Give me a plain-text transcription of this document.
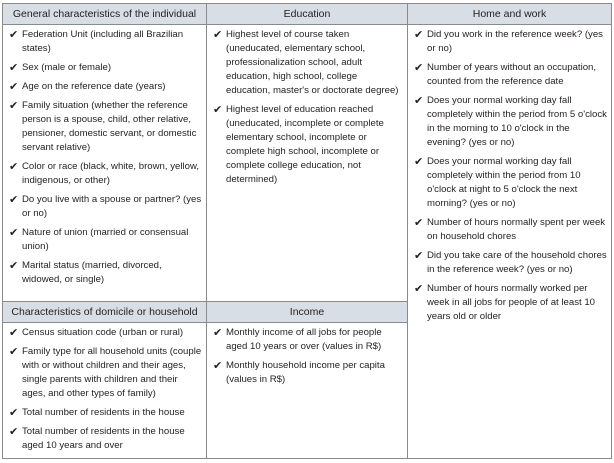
General characteristics of the individual
✔ Federation Unit (including all Brazilian states)
✔ Sex (male or female)
✔ Age on the reference date (years)
✔ Family situation (whether the reference person is a spouse, child, other relative, pensioner, domestic servant, or domestic servant relative)
✔ Color or race (black, white, brown, yellow, indigenous, or other)
✔ Do you live with a spouse or partner? (yes or no)
✔ Nature of union (married or consensual union)
✔ Marital status (married, divorced, widowed, or single)
Education
✔ Highest level of course taken (uneducated, elementary school, professionalization school, adult education, high school, college education, master's or doctorate degree)
✔ Highest level of education reached (uneducated, incomplete or complete elementary school, incomplete or complete high school, incomplete or complete college education, not determined)
Home and work
✔ Did you work in the reference week? (yes or no)
✔ Number of years without an occupation, counted from the reference date
✔ Does your normal working day fall completely within the period from 5 o'clock in the morning to 10 o'clock in the evening? (yes or no)
✔ Does your normal working day fall completely within the period from 10 o'clock at night to 5 o'clock the next morning? (yes or no)
✔ Number of hours normally spent per week on household chores
✔ Did you take care of the household chores in the reference week? (yes or no)
✔ Number of hours normally worked per week in all jobs for people of at least 10 years old or older
Characteristics of domicile or household
✔ Census situation code (urban or rural)
✔ Family type for all household units (couple with or without children and their ages, single parents with children and their ages, and other types of family)
✔ Total number of residents in the house
✔ Total number of residents in the house aged 10 years and over
Income
✔ Monthly income of all jobs for people aged 10 years or over (values in R$)
✔ Monthly household income per capita (values in R$)
